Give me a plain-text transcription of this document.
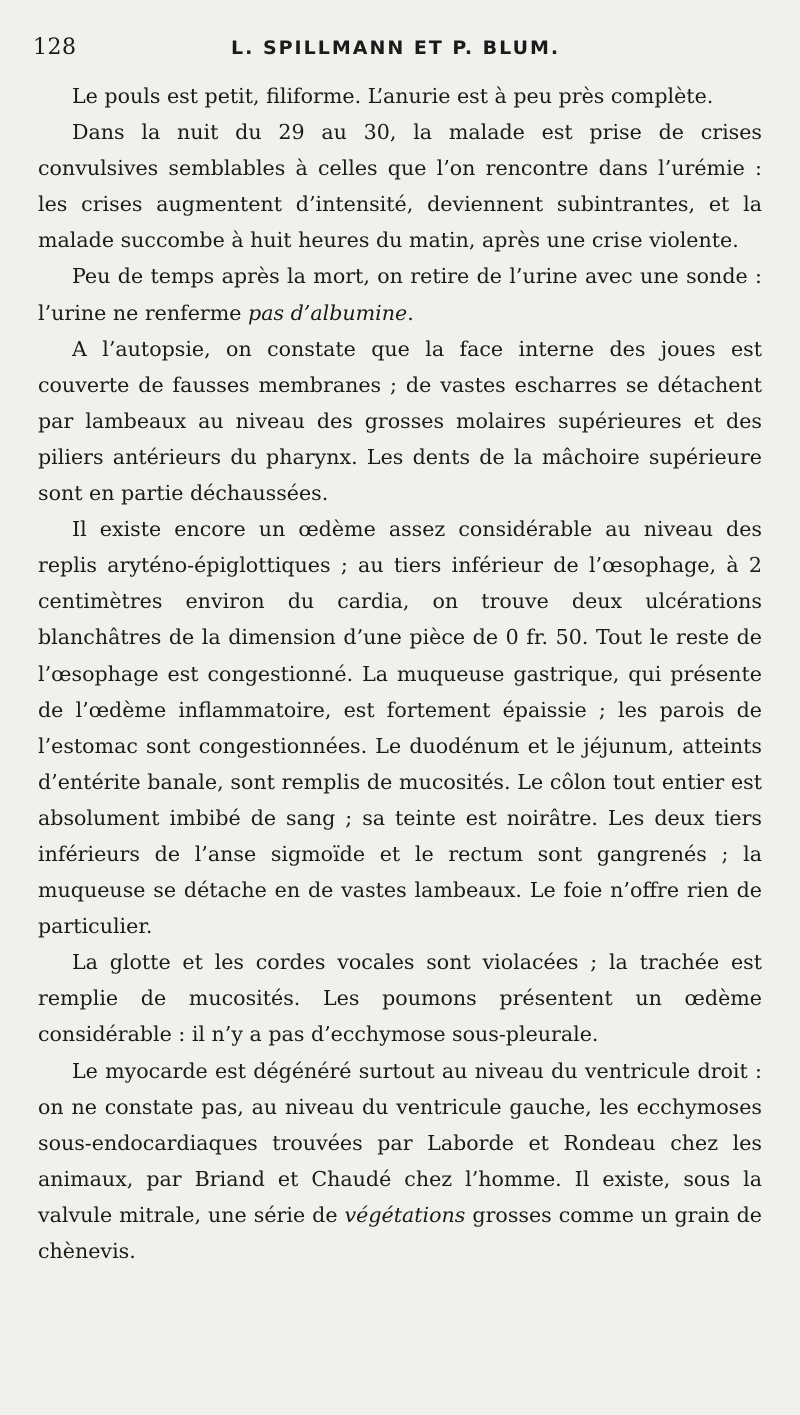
128	L. SPILLMANN ET P. BLUM.

Le pouls est petit, filiforme. L’anurie est à peu près complète.

Dans la nuit du 29 au 30, la malade est prise de crises convulsives semblables à celles que l’on rencontre dans l’urémie : les crises augmentent d’intensité, deviennent subintrantes, et la malade succombe à huit heures du matin, après une crise violente.

Peu de temps après la mort, on retire de l’urine avec une sonde : l’urine ne renferme pas d’albumine.

A l’autopsie, on constate que la face interne des joues est couverte de fausses membranes ; de vastes escharres se détachent par lambeaux au niveau des grosses molaires supérieures et des piliers antérieurs du pharynx. Les dents de la mâchoire supérieure sont en partie déchaussées.

Il existe encore un œdème assez considérable au niveau des replis aryténo-épiglottiques ; au tiers inférieur de l’œsophage, à 2 centimètres environ du cardia, on trouve deux ulcérations blanchâtres de la dimension d’une pièce de 0 fr. 50. Tout le reste de l’œsophage est congestionné. La muqueuse gastrique, qui présente de l’œdème inflammatoire, est fortement épaissie ; les parois de l’estomac sont congestionnées. Le duodénum et le jéjunum, atteints d’entérite banale, sont remplis de mucosités. Le côlon tout entier est absolument imbibé de sang ; sa teinte est noirâtre. Les deux tiers inférieurs de l’anse sigmoïde et le rectum sont gangrenés ; la muqueuse se détache en de vastes lambeaux. Le foie n’offre rien de particulier.

La glotte et les cordes vocales sont violacées ; la trachée est remplie de mucosités. Les poumons présentent un œdème considérable : il n’y a pas d’ecchymose sous-pleurale.

Le myocarde est dégénéré surtout au niveau du ventricule droit : on ne constate pas, au niveau du ventricule gauche, les ecchymoses sous-endocardiaques trouvées par Laborde et Rondeau chez les animaux, par Briand et Chaudé chez l’homme. Il existe, sous la valvule mitrale, une série de végétations grosses comme un grain de chènevis.
